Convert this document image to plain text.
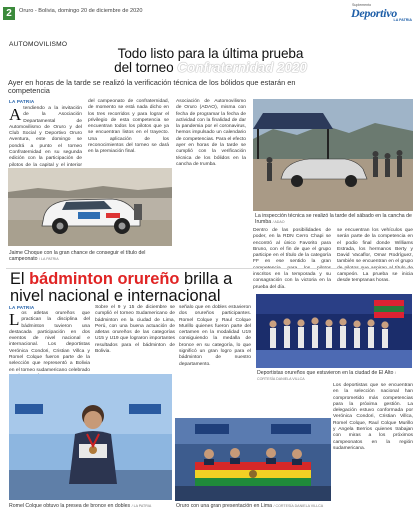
2	Oruro - Bolivia, domingo 20 de diciembre de 2020
Suplemento
Deportivo
LA PATRIA
AUTOMOVILISMO
Todo listo para la última prueba
del torneo Confraternidad 2020
Ayer en horas de la tarde se realizó la verificación técnica de los bólidos que estarán en competencia
LA PATRIA
Atendiendo a la invitación de la Asociación Departamental de Automovilismo de Oruro y del Club Social y Deportivo Oruro Aventura, este domingo se pondrá a punto el torneo Confraternidad en su segunda edición con la participación de pilotos de la capital y el interior
Jaime Choque con la gran chance de conseguir el título del campeonato / LA PATRIA
del campeonato de confraternidad, de momento se está nada dicho en los tres recorridos y para lograr el privilegio de esta competencia se encuentran todos los pilotos que ya se encuentran listos en el trayecto. Una aplicación de los reconocimientos del torneo se dará en la premiación final.
Asociación de Automovilismo de Oruro (ADAO), misma con fecha de programar la fecha de actividad con la finalidad de dar la pandemia por el coronavirus, hemos impulsado un calendario de competencias. Para el efecto ayer en horas de la tarde se cumplió con la verificación técnica de los bólidos en la cancha de Irumba.
La inspección técnica se realizó la tarde del sábado en la cancha de Irumba / ADAO
Dentro de las posibilidades de poder, en la RDN Cerro Chapi se encontró al único Favorito para Bruno, con el fin de que el grupo participe en el título de la categoría FF en ese sentido la gran inscritos en la temporada y su consagración con la victoria en la prueba del día.
se encuentran los vehículos que serán parte de la competencia en el podio final donde Williams Estrada, los hermanos Berty y David Vacaflor, Omar Rodríguez, también se encuentran en el grupo campeón. La prueba se inicia desde tempranas horas.
El bádminton orureño brilla a
nivel nacional e internacional
LA PATRIA
Los atletas orureños que practican la disciplina del bádminton tuvieron una destacada participación en dos eventos de nivel nacional e internacional. Los deportistas Verónica Condori, Cristian Villca y Romel Colque fueron parte de la selección que representó a Bolivia en el torneo sudamericano celebrado
Sobre el 9 y 15 de diciembre se cumplió el torneo Sudamericano de bádminton en la ciudad de Lima, Perú, con una buena actuación de atletas orureños de las categorías U15 y U19 que lograron importantes resultados para el bádminton de Bolivia.
señalo que en dobles estuvieron dos orureños participantes. Romel Colque y Raul Colque Murillo quienes fueron parte del certamen en la modalidad U19 consiguiendo la medalla de bronce en su categoría, lo que significó un gran logro para el bádminton de nuestro departamento.
Deportistas orureños que estuvieron en la ciudad de El Alto / CORTESÍA DANIELA VILLCA
Los deportistas que se encuentran en la selección nacional han comprometido más competencias para la próxima gestión. La delegación estuvo conformada por Verónica Condori, Cristian Villca, Romel Colque, Raul Colque Murillo y Angela Berrios quienes trabajan con miras a los próximos campeonatos en la región sudamericana.
Romel Colque obtuvo la presea de bronce en dobles / LA PATRIA	Oruro con una gran presentación en Lima / CORTESÍA DANIELA VILLCA
